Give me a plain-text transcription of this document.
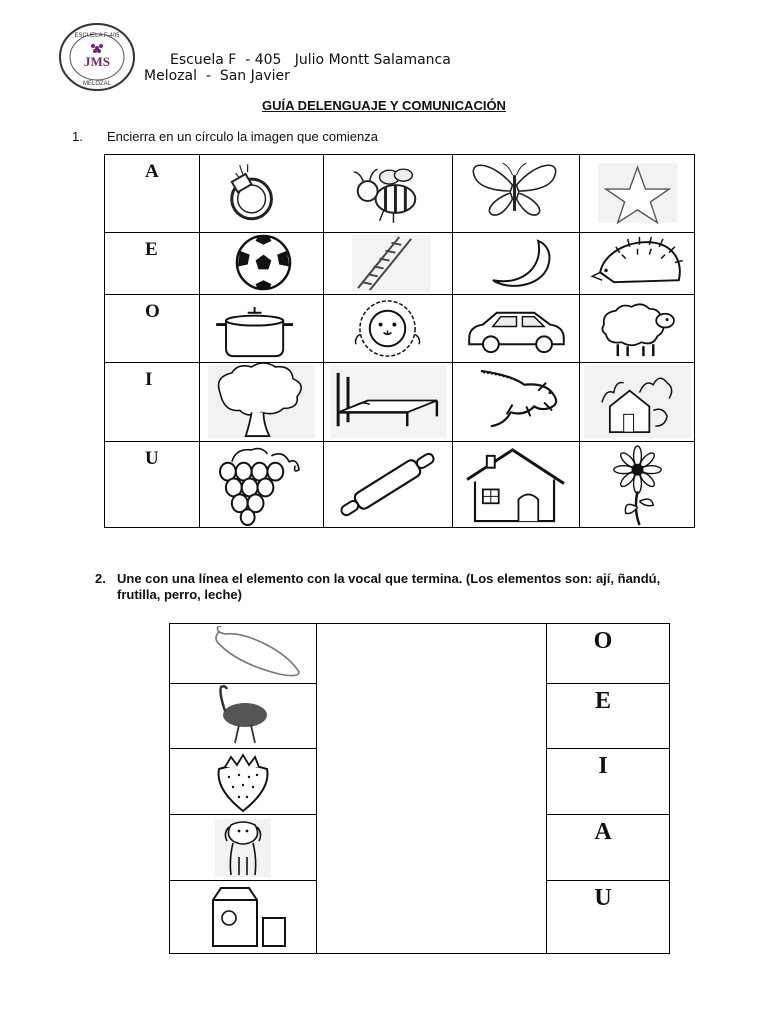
ESCUELA F-405
JMS
MELOZAL
Escuela F  - 405   Julio Montt Salamanca
Melozal  -  San Javier
GUÍA DELENGUAJE Y COMUNICACIÓN
1. Encierra en un círculo la imagen que comienza
A
E
O
I
U
2. Une con una línea el elemento con la vocal que termina. (Los elementos son: ají, ñandú, frutilla, perro, leche)
O
E
I
A
U
